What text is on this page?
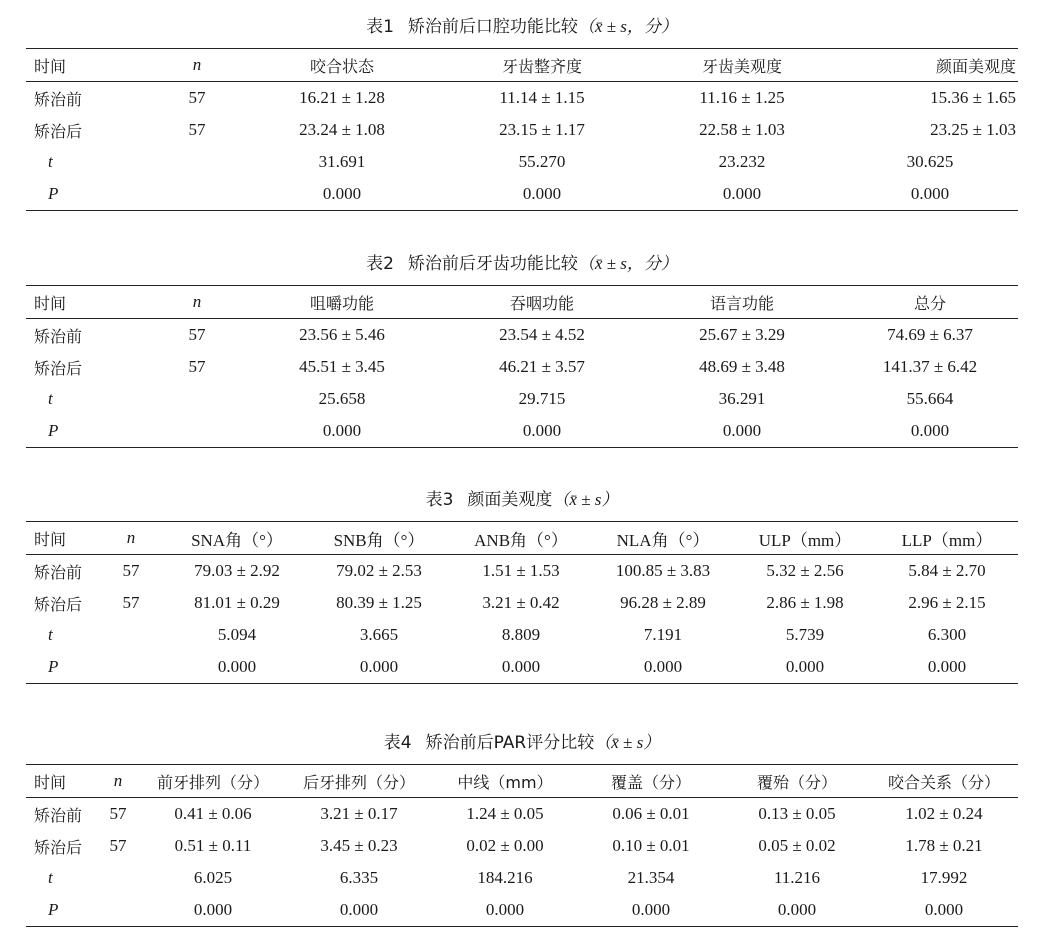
表1 矫治前后口腔功能比较（x̄ ± s，分）
时间	n	咬合状态	牙齿整齐度	牙齿美观度	颜面美观度
矫治前	57	16.21 ± 1.28	11.14 ± 1.15	11.16 ± 1.25	15.36 ± 1.65
矫治后	57	23.24 ± 1.08	23.15 ± 1.17	22.58 ± 1.03	23.25 ± 1.03
t		31.691	55.270	23.232	30.625
P		0.000	0.000	0.000	0.000
表2 矫治前后牙齿功能比较（x̄ ± s，分）
时间	n	咀嚼功能	吞咽功能	语言功能	总分
矫治前	57	23.56 ± 5.46	23.54 ± 4.52	25.67 ± 3.29	74.69 ± 6.37
矫治后	57	45.51 ± 3.45	46.21 ± 3.57	48.69 ± 3.48	141.37 ± 6.42
t		25.658	29.715	36.291	55.664
P		0.000	0.000	0.000	0.000
表3 颜面美观度（x̄ ± s）
时间	n	SNA角（°）	SNB角（°）	ANB角（°）	NLA角（°）	ULP（mm）	LLP（mm）
矫治前	57	79.03 ± 2.92	79.02 ± 2.53	1.51 ± 1.53	100.85 ± 3.83	5.32 ± 2.56	5.84 ± 2.70
矫治后	57	81.01 ± 0.29	80.39 ± 1.25	3.21 ± 0.42	96.28 ± 2.89	2.86 ± 1.98	2.96 ± 2.15
t		5.094	3.665	8.809	7.191	5.739	6.300
P		0.000	0.000	0.000	0.000	0.000	0.000
表4 矫治前后PAR评分比较（x̄ ± s）
时间	n	前牙排列（分）	后牙排列（分）	中线（mm）	覆盖（分）	覆殆（分）	咬合关系（分）
矫治前	57	0.41 ± 0.06	3.21 ± 0.17	1.24 ± 0.05	0.06 ± 0.01	0.13 ± 0.05	1.02 ± 0.24
矫治后	57	0.51 ± 0.11	3.45 ± 0.23	0.02 ± 0.00	0.10 ± 0.01	0.05 ± 0.02	1.78 ± 0.21
t		6.025	6.335	184.216	21.354	11.216	17.992
P		0.000	0.000	0.000	0.000	0.000	0.000
